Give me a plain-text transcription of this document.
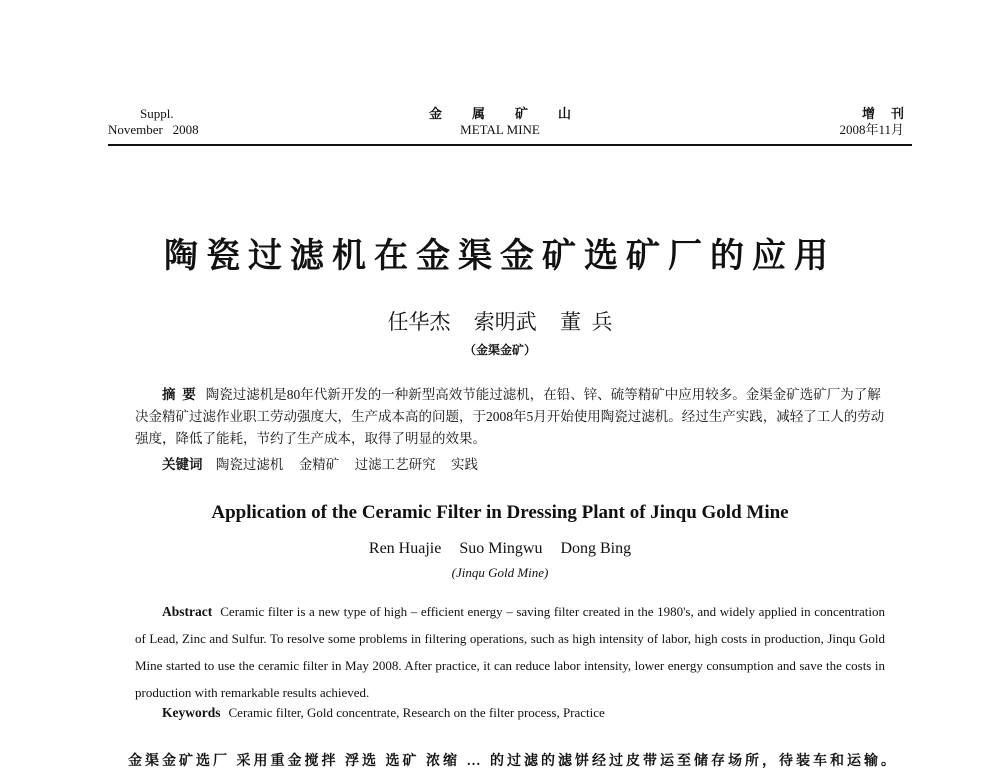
Suppl.
November   2008
金属矿山
METAL MINE
增刊
2008年11月
陶瓷过滤机在金渠金矿选矿厂的应用
任华杰 索明武 董  兵
（金渠金矿）
摘  要 陶瓷过滤机是80年代新开发的一种新型高效节能过滤机，在铅、锌、硫等精矿中应用较多。金渠金矿选矿厂为了解决金精矿过滤作业职工劳动强度大，生产成本高的问题，于2008年5月开始使用陶瓷过滤机。经过生产实践，减轻了工人的劳动强度，降低了能耗，节约了生产成本，取得了明显的效果。
关键词 陶瓷过滤机 金精矿 过滤工艺研究 实践
Application of the Ceramic Filter in Dressing Plant of Jinqu Gold Mine
Ren Huajie Suo Mingwu Dong Bing
(Jinqu Gold Mine)
Abstract Ceramic filter is a new type of high – efficient energy – saving filter created in the 1980's, and widely applied in concentration of Lead, Zinc and Sulfur. To resolve some problems in filtering operations, such as high intensity of labor, high costs in production, Jinqu Gold Mine started to use the ceramic filter in May 2008. After practice, it can reduce labor intensity, lower energy consumption and save the costs in production with remarkable results achieved.
Keywords Ceramic filter, Gold concentrate, Research on the filter process, Practice
金渠金矿选厂 采用重金搅拌 浮选 选矿 浓缩 … 的过滤的滤饼经过皮带运至储存场所，待装车和运输。
